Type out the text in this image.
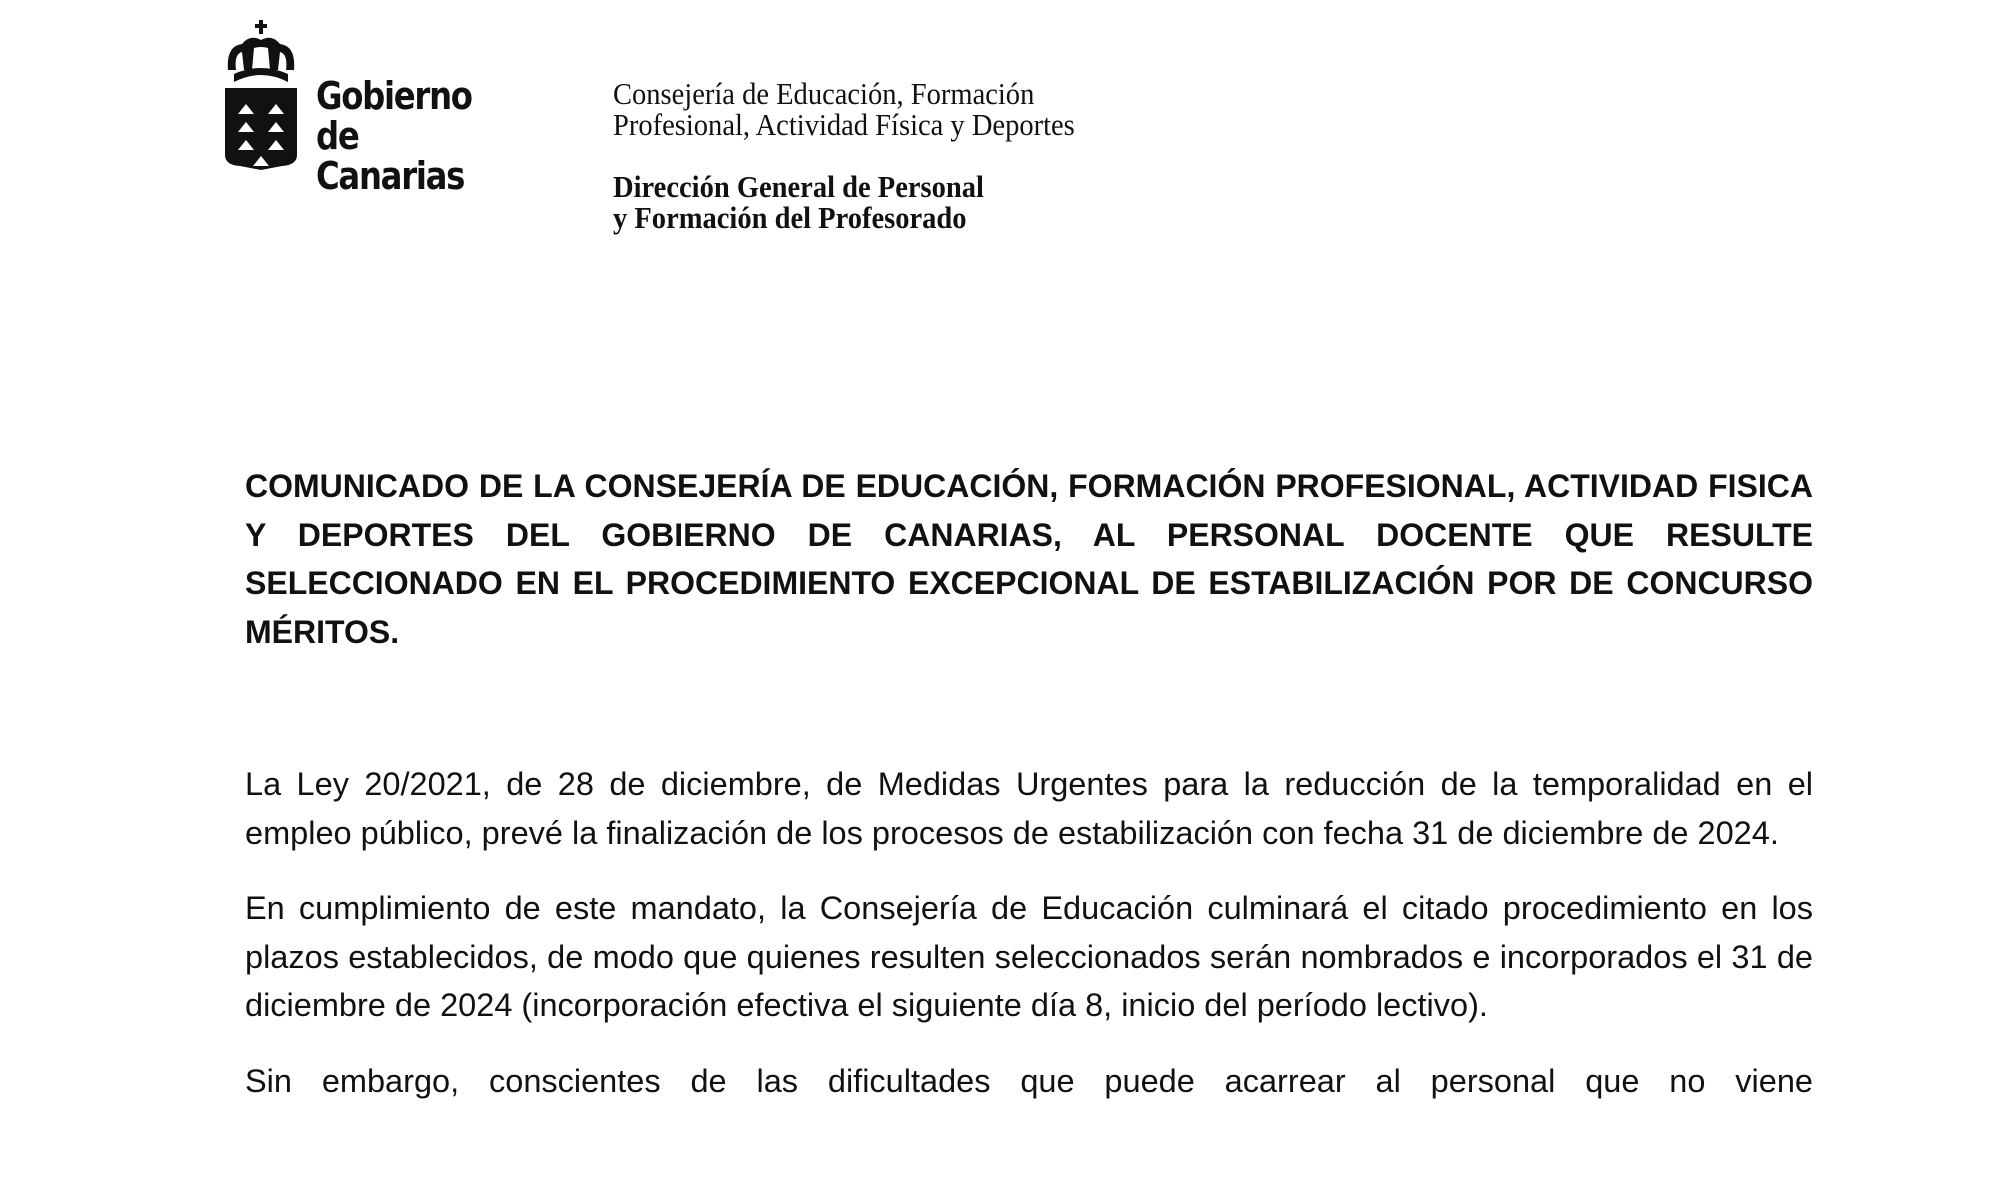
Gobierno
de Canarias
Consejería de Educación, Formación
Profesional, Actividad Física y Deportes
Dirección General de Personal
y Formación del Profesorado
COMUNICADO DE LA CONSEJERÍA DE EDUCACIÓN, FORMACIÓN PROFESIONAL, ACTIVIDAD FISICA Y DEPORTES DEL GOBIERNO DE CANARIAS, AL PERSONAL DOCENTE QUE RESULTE SELECCIONADO EN EL PROCEDIMIENTO EXCEPCIONAL DE ESTABILIZACIÓN POR DE CONCURSO MÉRITOS.

La Ley 20/2021, de 28 de diciembre, de Medidas Urgentes para la reducción de la temporalidad en el empleo público, prevé la finalización de los procesos de estabilización con fecha 31 de diciembre de 2024.

En cumplimiento de este mandato, la Consejería de Educación culminará el citado procedimiento en los plazos establecidos, de modo que quienes resulten seleccionados serán nombrados e incorporados el 31 de diciembre de 2024 (incorporación efectiva el siguiente día 8, inicio del período lectivo).

Sin embargo, conscientes de las dificultades que puede acarrear al personal que no viene
